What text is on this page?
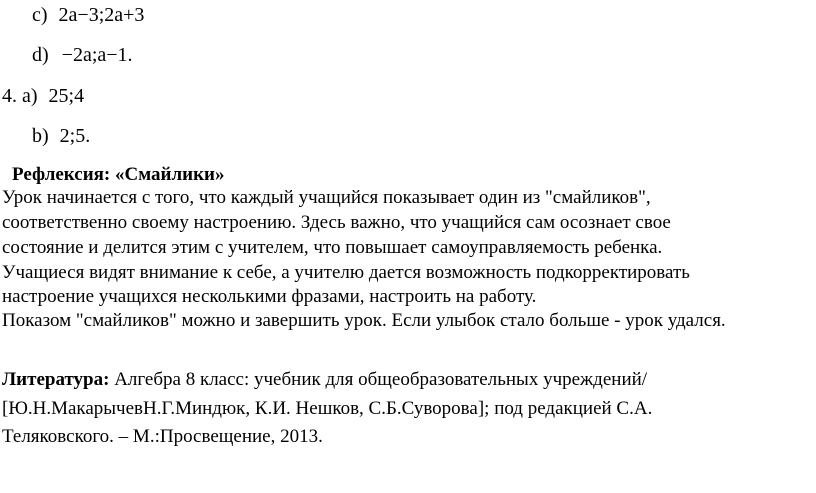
c) 2a−3;2a+3
d) −2a;a−1.
4. a) 25;4
b) 2;5.
Рефлексия: «Смайлики»
Урок начинается с того, что каждый учащийся показывает один из "смайликов",
соответственно своему настроению. Здесь важно, что учащийся сам осознает свое
состояние и делится этим с учителем, что повышает самоуправляемость ребенка.
Учащиеся видят внимание к себе, а учителю дается возможность подкорректировать
настроение учащихся несколькими фразами, настроить на работу.
Показом "смайликов" можно и завершить урок. Если улыбок стало больше - урок удался.
Литература: Алгебра 8 класс: учебник для общеобразовательных учреждений/
[Ю.Н.МакарычевН.Г.Миндюк, К.И. Нешков, С.Б.Суворова]; под редакцией С.А.
Теляковского. – М.:Просвещение, 2013.
